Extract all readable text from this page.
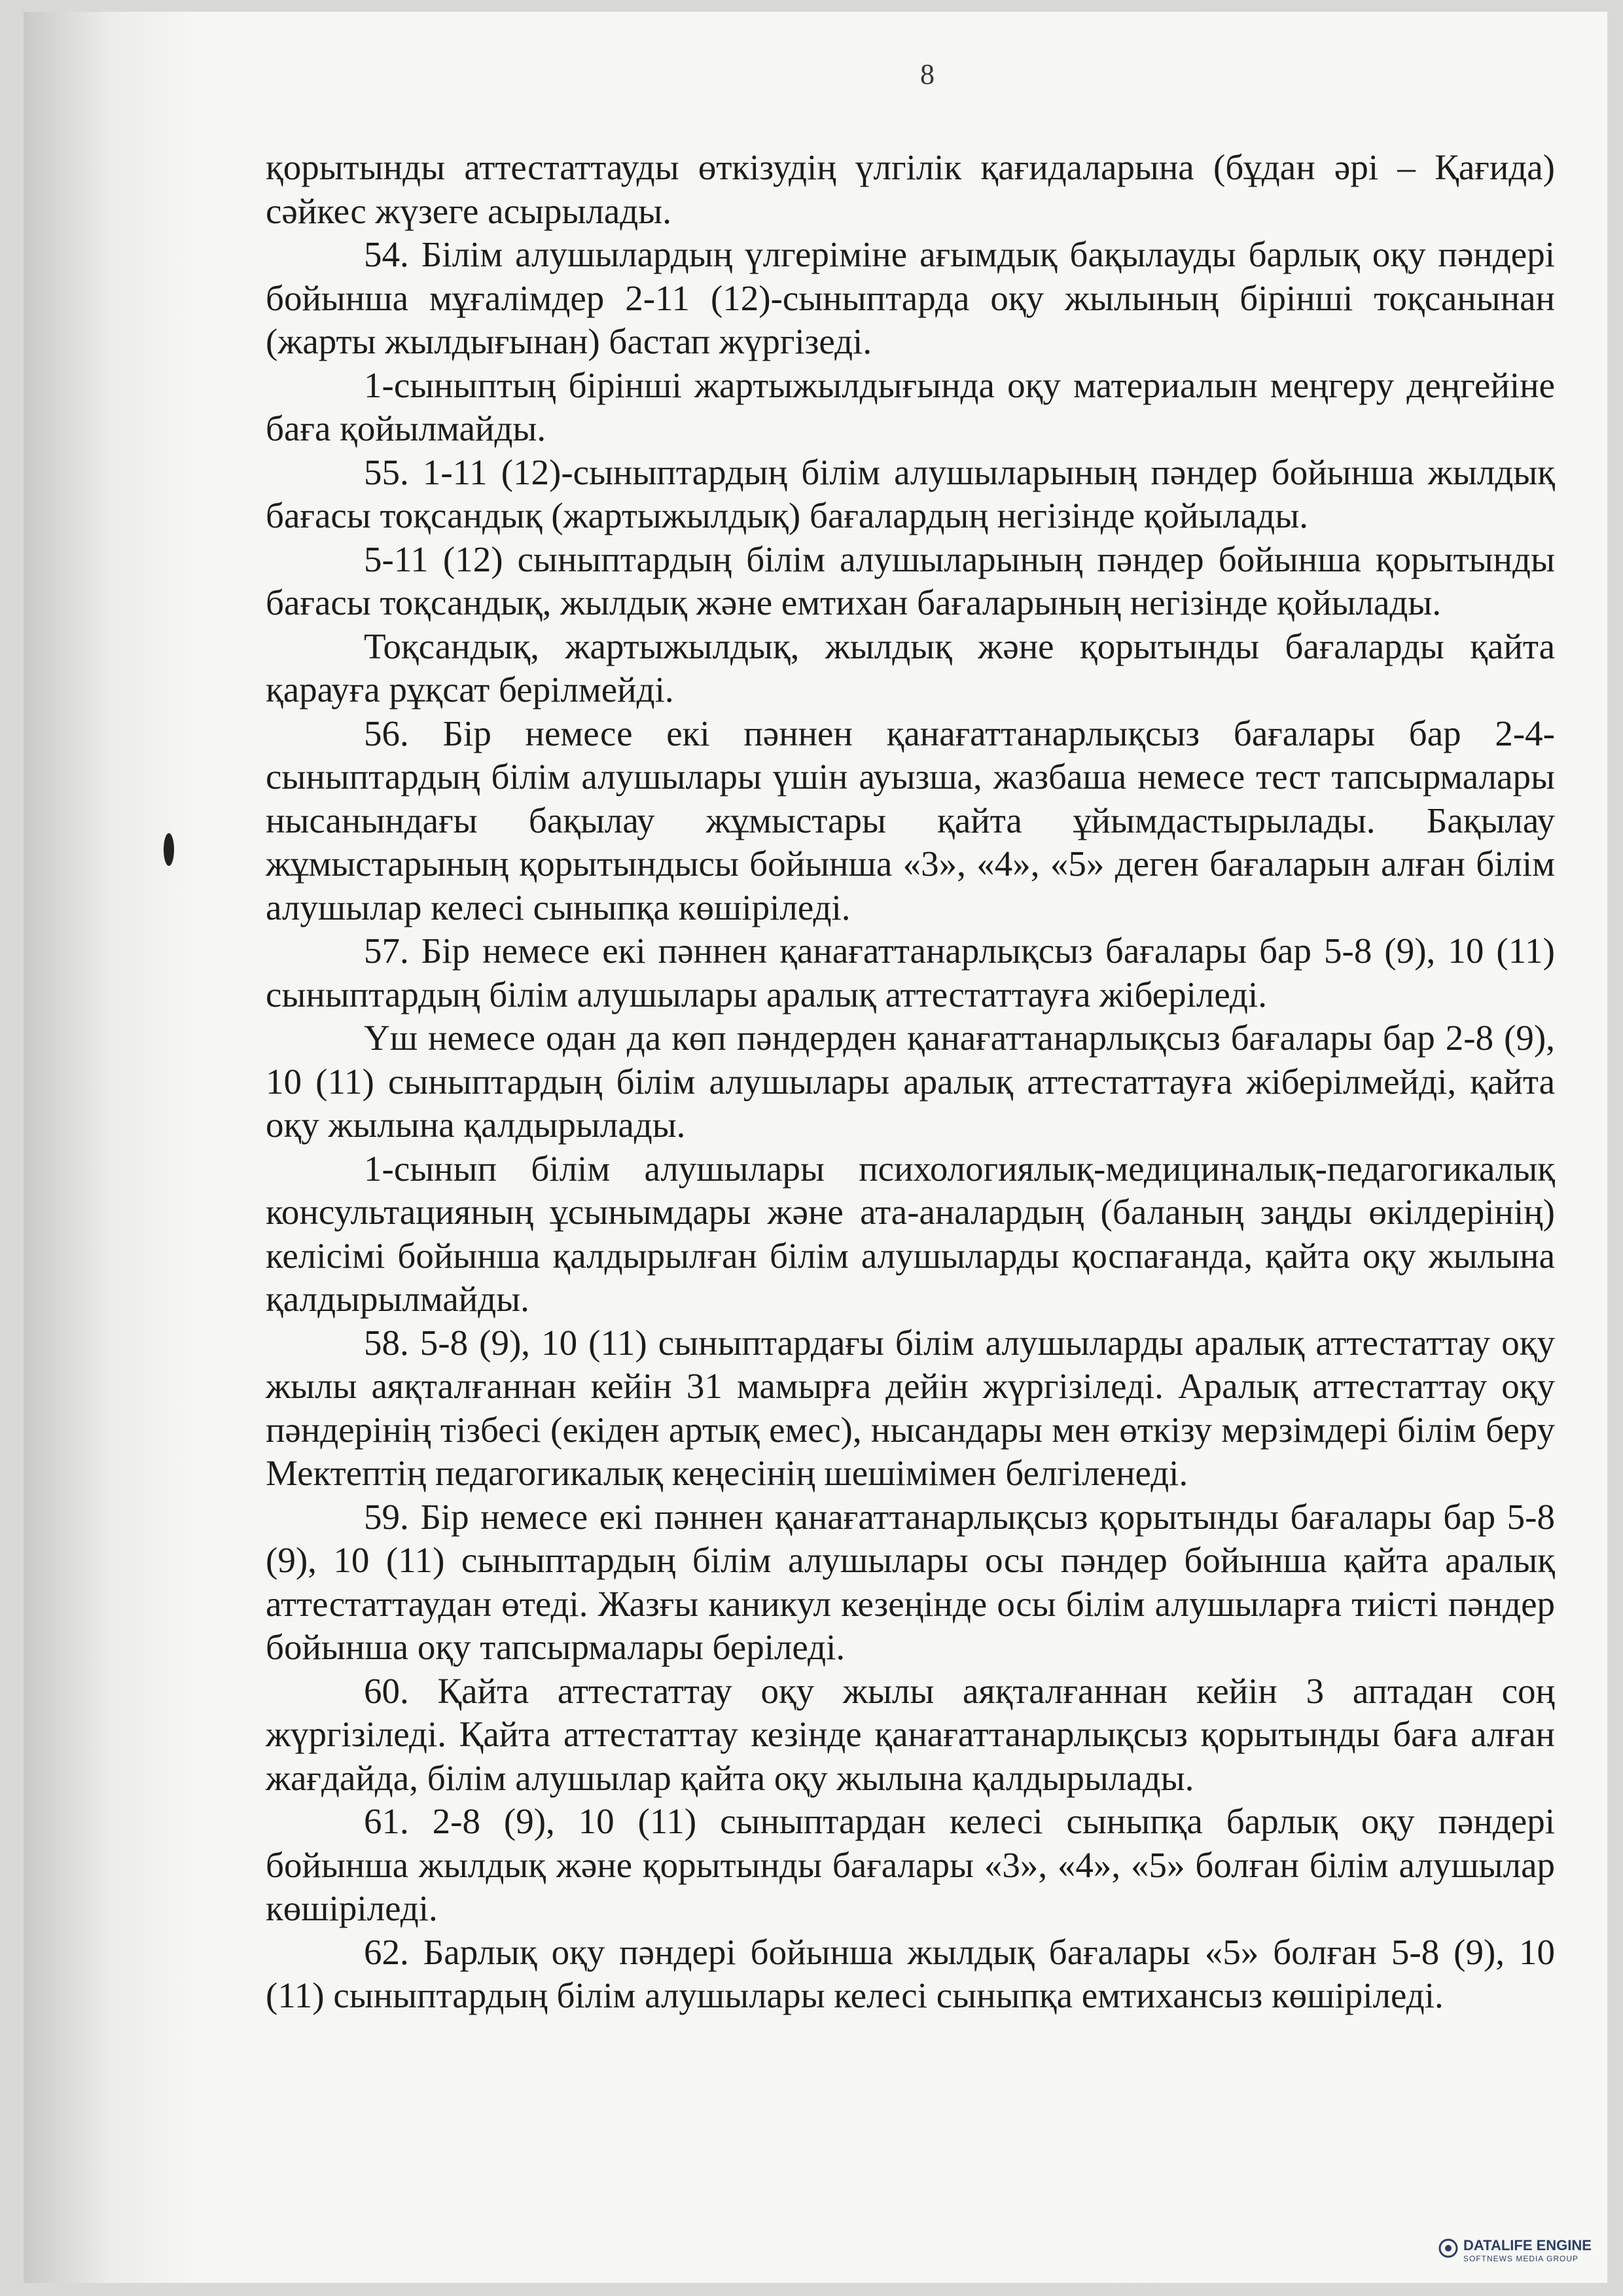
8

қорытынды аттестаттауды өткізудің үлгілік қағидаларына (бұдан әрі – Қағида) сәйкес жүзеге асырылады.

54. Білім алушылардың үлгеріміне ағымдық бақылауды барлық оқу пәндері бойынша мұғалімдер 2-11 (12)-сыныптарда оқу жылының бірінші тоқсанынан (жарты жылдығынан) бастап жүргізеді.

1-сыныптың бірінші жартыжылдығында оқу материалын меңгеру деңгейіне баға қойылмайды.

55. 1-11 (12)-сыныптардың білім алушыларының пәндер бойынша жылдық бағасы тоқсандық (жартыжылдық) бағалардың негізінде қойылады.

5-11 (12) сыныптардың білім алушыларының пәндер бойынша қорытынды бағасы тоқсандық, жылдық және емтихан бағаларының негізінде қойылады.

Тоқсандық, жартыжылдық, жылдық және қорытынды бағаларды қайта қарауға рұқсат берілмейді.

56. Бір немесе екі пәннен қанағаттанарлықсыз бағалары бар 2-4-сыныптардың білім алушылары үшін ауызша, жазбаша немесе тест тапсырмалары нысанындағы бақылау жұмыстары қайта ұйымдастырылады. Бақылау жұмыстарының қорытындысы бойынша «3», «4», «5» деген бағаларын алған білім алушылар келесі сыныпқа көшіріледі.

57. Бір немесе екі пәннен қанағаттанарлықсыз бағалары бар 5-8 (9), 10 (11) сыныптардың білім алушылары аралық аттестаттауға жіберіледі.

Үш немесе одан да көп пәндерден қанағаттанарлықсыз бағалары бар 2-8 (9), 10 (11) сыныптардың білім алушылары аралық аттестаттауға жіберілмейді, қайта оқу жылына қалдырылады.

1-сынып білім алушылары психологиялық-медициналық-педагогикалық консультацияның ұсынымдары және ата-аналардың (баланың заңды өкілдерінің) келісімі бойынша қалдырылған білім алушыларды қоспағанда, қайта оқу жылына қалдырылмайды.

58. 5-8 (9), 10 (11) сыныптардағы білім алушыларды аралық аттестаттау оқу жылы аяқталғаннан кейін 31 мамырға дейін жүргізіледі. Аралық аттестаттау оқу пәндерінің тізбесі (екіден артық емес), нысандары мен өткізу мерзімдері білім беру Мектептің педагогикалық кеңесінің шешімімен белгіленеді.

59. Бір немесе екі пәннен қанағаттанарлықсыз қорытынды бағалары бар 5-8 (9), 10 (11) сыныптардың білім алушылары осы пәндер бойынша қайта аралық аттестаттаудан өтеді. Жазғы каникул кезеңінде осы білім алушыларға тиісті пәндер бойынша оқу тапсырмалары беріледі.

60. Қайта аттестаттау оқу жылы аяқталғаннан кейін 3 аптадан соң жүргізіледі. Қайта аттестаттау кезінде қанағаттанарлықсыз қорытынды баға алған жағдайда, білім алушылар қайта оқу жылына қалдырылады.

61. 2-8 (9), 10 (11) сыныптардан келесі сыныпқа барлық оқу пәндері бойынша жылдық және қорытынды бағалары «3», «4», «5» болған білім алушылар көшіріледі.

62. Барлық оқу пәндері бойынша жылдық бағалары «5» болған 5-8 (9), 10 (11) сыныптардың білім алушылары келесі сыныпқа емтихансыз көшіріледі.

DATALIFE ENGINE
SOFTNEWS MEDIA GROUP
